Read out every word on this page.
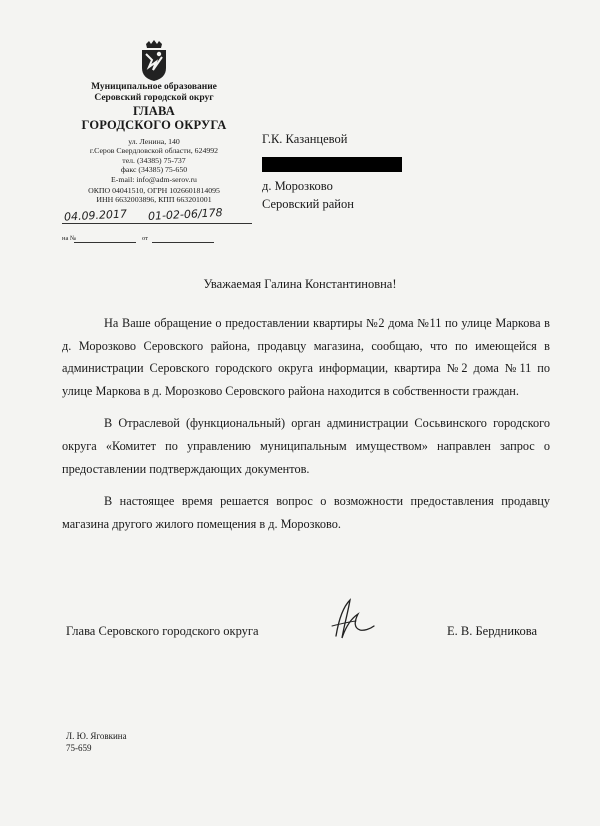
Муниципальное образование
Серовский городской округ
ГЛАВА
ГОРОДСКОГО ОКРУГА
ул. Ленина, 140
г.Серов Свердловской области, 624992
тел. (34385) 75-737
факс (34385) 75-650
E-mail: info@adm-serov.ru
ОКПО 04041510, ОГРН 1026601814095
ИНН 6632003896, КПП 663201001
04.09.2017 01-02-06/178
на №	от
Г.К. Казанцевой
д. Морозково
Серовский район
Уважаемая Галина Константиновна!

На Ваше обращение о предоставлении квартиры №2 дома №11 по улице Маркова в д. Морозково Серовского района, продавцу магазина, сообщаю, что по имеющейся в администрации Серовского городского округа информации, квартира №2 дома №11 по улице Маркова в д. Морозково Серовского района находится в собственности граждан.

В Отраслевой (функциональный) орган администрации Сосьвинского городского округа «Комитет по управлению муниципальным имуществом» направлен запрос о предоставлении подтверждающих документов.

В настоящее время решается вопрос о возможности предоставления продавцу магазина другого жилого помещения в д. Морозково.

Глава Серовского городского округа	Е. В. Бердникова
Л. Ю. Яговкина
75-659
